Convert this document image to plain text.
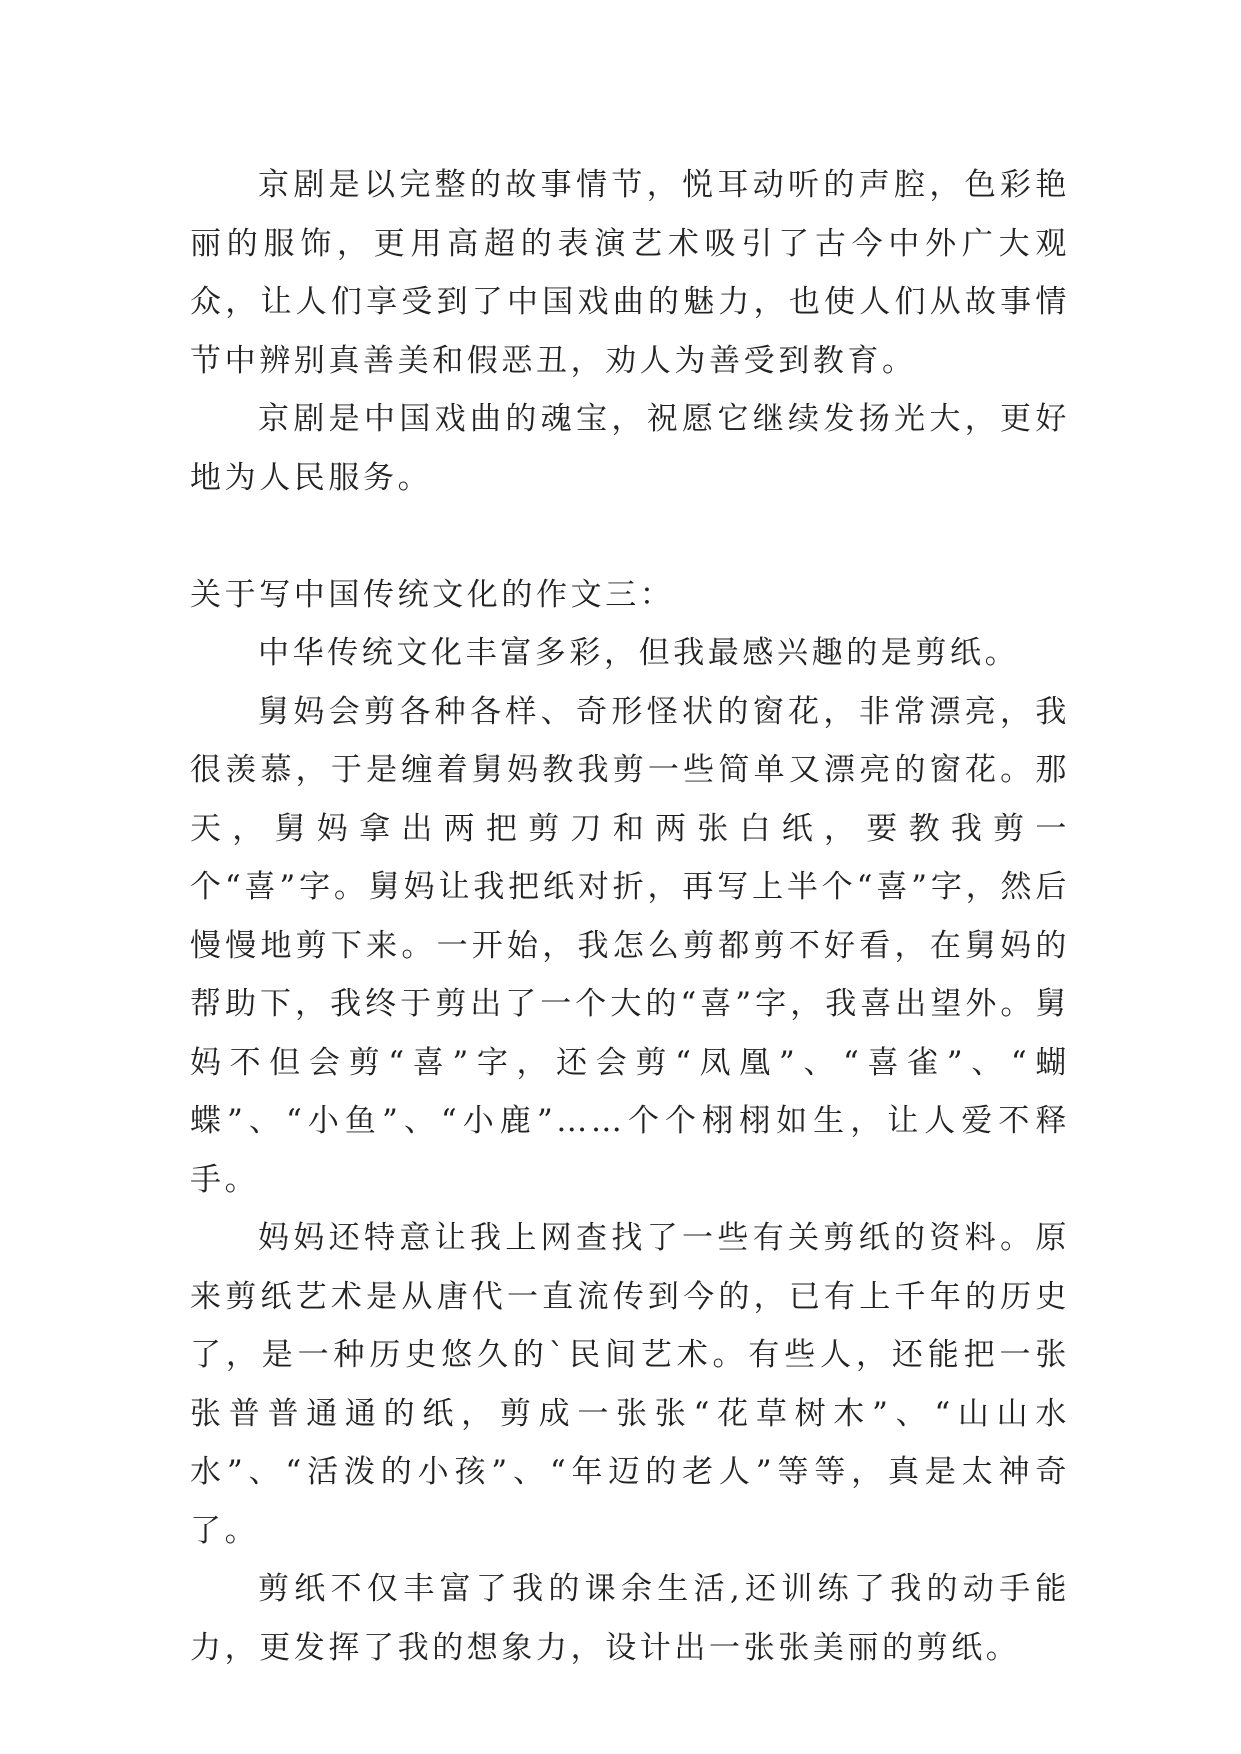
京剧是以完整的故事情节，悦耳动听的声腔，色彩艳丽的服饰，更用高超的表演艺术吸引了古今中外广大观众，让人们享受到了中国戏曲的魅力，也使人们从故事情节中辨别真善美和假恶丑，劝人为善受到教育。

京剧是中国戏曲的魂宝，祝愿它继续发扬光大，更好地为人民服务。

关于写中国传统文化的作文三：

中华传统文化丰富多彩，但我最感兴趣的是剪纸。

舅妈会剪各种各样、奇形怪状的窗花，非常漂亮，我很羡慕，于是缠着舅妈教我剪一些简单又漂亮的窗花。那天，舅妈拿出两把剪刀和两张白纸，要教我剪一个“喜”字。舅妈让我把纸对折，再写上半个“喜”字，然后慢慢地剪下来。一开始，我怎么剪都剪不好看，在舅妈的帮助下，我终于剪出了一个大的“喜”字，我喜出望外。舅妈不但会剪“喜”字，还会剪“凤凰”、“喜雀”、“蝴蝶”、“小鱼”、“小鹿”……个个栩栩如生，让人爱不释手。

妈妈还特意让我上网查找了一些有关剪纸的资料。原来剪纸艺术是从唐代一直流传到今的，已有上千年的历史了，是一种历史悠久的`民间艺术。有些人，还能把一张张普普通通的纸，剪成一张张“花草树木”、“山山水水”、“活泼的小孩”、“年迈的老人”等等，真是太神奇了。

剪纸不仅丰富了我的课余生活,还训练了我的动手能力，更发挥了我的想象力，设计出一张张美丽的剪纸。
